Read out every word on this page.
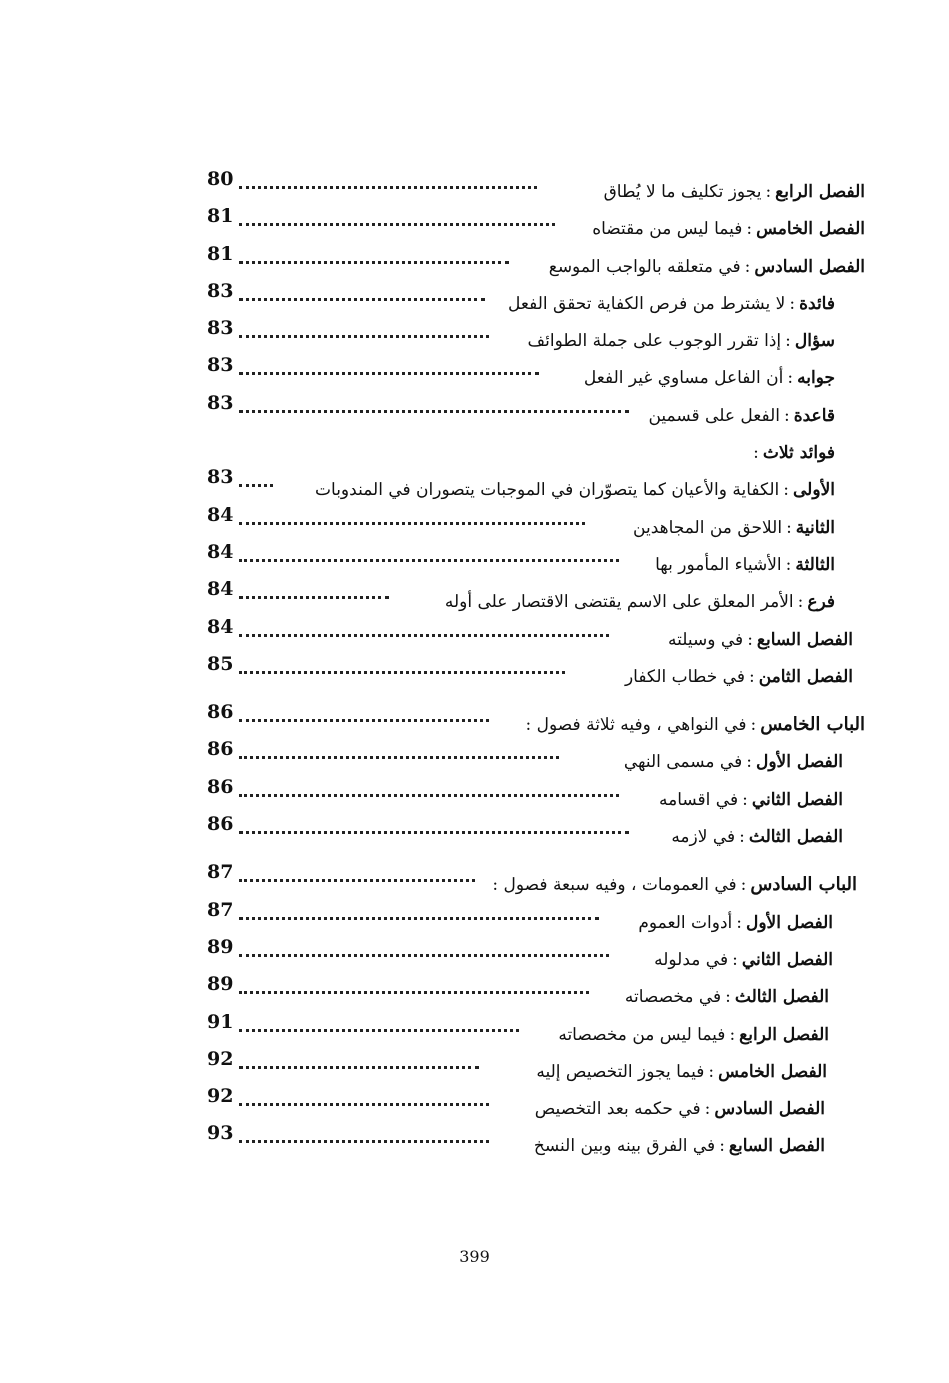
80
الفصل الرابع:يجوز تكليف ما لا يُطاق
81
الفصل الخامس:فيما ليس من مقتضاه
81
الفصل السادس:في متعلقه بالواجب الموسع
83
فائدة:لا يشترط من فرص الكفاية تحقق الفعل
83
سؤال:إذا تقرر الوجوب على جملة الطوائف
83
جوابه:أن الفاعل مساوي غير الفعل
83
قاعدة:الفعل على قسمين
فوائد ثلاث:
83
الأولى:الكفاية والأعيان كما يتصوّران في الموجبات يتصوران في المندوبات
84
الثانية:اللاحق من المجاهدين
84
الثالثة:الأشياء المأمور بها
84
فرع:الأمر المعلق على الاسم يقتضى الاقتصار على أوله
84
الفصل السابع:في وسيلته
85
الفصل الثامن:في خطاب الكفار
86
الباب الخامس:في النواهي ، وفيه ثلاثة فصول :
86
الفصل الأول:في مسمى النهي
86
الفصل الثاني:في اقسامه
86
الفصل الثالث:في لازمه
87
الباب السادس:في العمومات ، وفيه سبعة فصول :
87
الفصل الأول:أدوات العموم
89
الفصل الثاني:في مدلوله
89
الفصل الثالث:في مخصصاته
91
الفصل الرابع:فيما ليس من مخصصاته
92
الفصل الخامس:فيما يجوز التخصيص إليه
92
الفصل السادس:في حكمه بعد التخصيص
93
الفصل السابع:في الفرق بينه وبين النسخ
399
